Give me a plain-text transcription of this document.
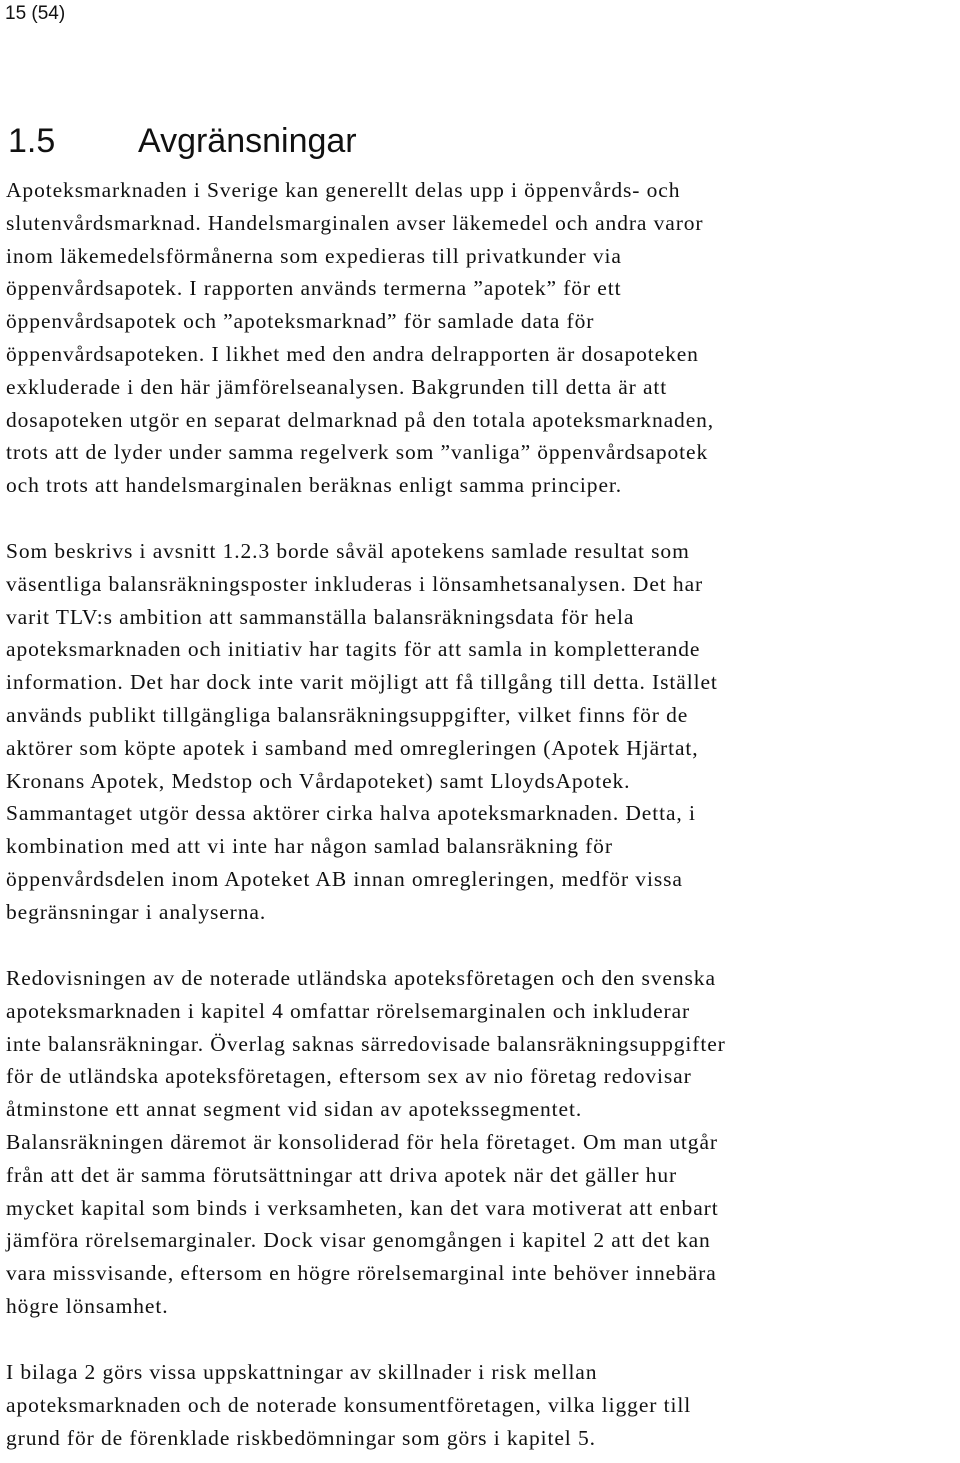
15 (54)
1.5 Avgränsningar

Apoteksmarknaden i Sverige kan generellt delas upp i öppenvårds- och
slutenvårdsmarknad. Handelsmarginalen avser läkemedel och andra varor
inom läkemedelsförmånerna som expedieras till privatkunder via
öppenvårdsapotek. I rapporten används termerna ”apotek” för ett
öppenvårdsapotek och ”apoteksmarknad” för samlade data för
öppenvårdsapoteken. I likhet med den andra delrapporten är dosapoteken
exkluderade i den här jämförelseanalysen. Bakgrunden till detta är att
dosapoteken utgör en separat delmarknad på den totala apoteksmarknaden,
trots att de lyder under samma regelverk som ”vanliga” öppenvårdsapotek
och trots att handelsmarginalen beräknas enligt samma principer.

Som beskrivs i avsnitt 1.2.3 borde såväl apotekens samlade resultat som
väsentliga balansräkningsposter inkluderas i lönsamhetsanalysen. Det har
varit TLV:s ambition att sammanställa balansräkningsdata för hela
apoteksmarknaden och initiativ har tagits för att samla in kompletterande
information. Det har dock inte varit möjligt att få tillgång till detta. Istället
används publikt tillgängliga balansräkningsuppgifter, vilket finns för de
aktörer som köpte apotek i samband med omregleringen (Apotek Hjärtat,
Kronans Apotek, Medstop och Vårdapoteket) samt LloydsApotek.
Sammantaget utgör dessa aktörer cirka halva apoteksmarknaden. Detta, i
kombination med att vi inte har någon samlad balansräkning för
öppenvårdsdelen inom Apoteket AB innan omregleringen, medför vissa
begränsningar i analyserna.

Redovisningen av de noterade utländska apoteksföretagen och den svenska
apoteksmarknaden i kapitel 4 omfattar rörelsemarginalen och inkluderar
inte balansräkningar. Överlag saknas särredovisade balansräkningsuppgifter
för de utländska apoteksföretagen, eftersom sex av nio företag redovisar
åtminstone ett annat segment vid sidan av apotekssegmentet.
Balansräkningen däremot är konsoliderad för hela företaget. Om man utgår
från att det är samma förutsättningar att driva apotek när det gäller hur
mycket kapital som binds i verksamheten, kan det vara motiverat att enbart
jämföra rörelsemarginaler. Dock visar genomgången i kapitel 2 att det kan
vara missvisande, eftersom en högre rörelsemarginal inte behöver innebära
högre lönsamhet.

I bilaga 2 görs vissa uppskattningar av skillnader i risk mellan
apoteksmarknaden och de noterade konsumentföretagen, vilka ligger till
grund för de förenklade riskbedömningar som görs i kapitel 5.
